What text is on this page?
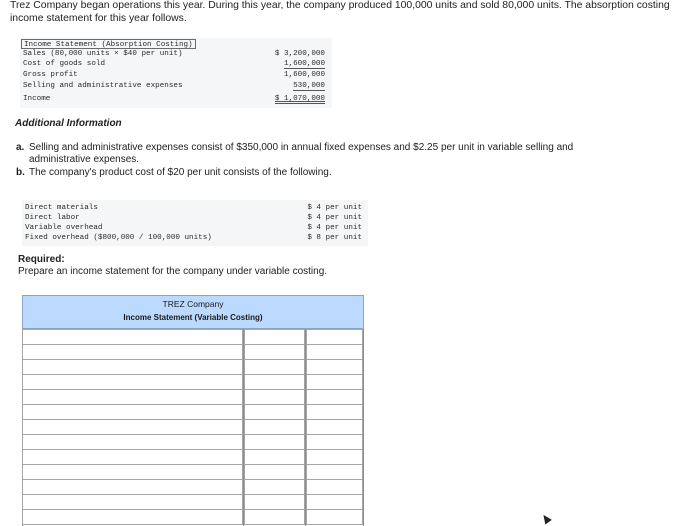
Trez Company began operations this year. During this year, the company produced 100,000 units and sold 80,000 units. The absorption costing income statement for this year follows.
Income Statement (Absorption Costing)
Sales (80,000 units × $40 per unit)	$ 3,200,000
Cost of goods sold	1,600,000
Gross profit	1,600,000
Selling and administrative expenses	530,000
Income	$ 1,070,000
Additional Information
a. Selling and administrative expenses consist of $350,000 in annual fixed expenses and $2.25 per unit in variable selling and
administrative expenses.
b. The company's product cost of $20 per unit consists of the following.
Direct materials	$ 4 per unit
Direct labor	$ 4 per unit
Variable overhead	$ 4 per unit
Fixed overhead ($800,000 / 100,000 units)	$ 8 per unit
Required:
Prepare an income statement for the company under variable costing.
TREZ Company
Income Statement (Variable Costing)
